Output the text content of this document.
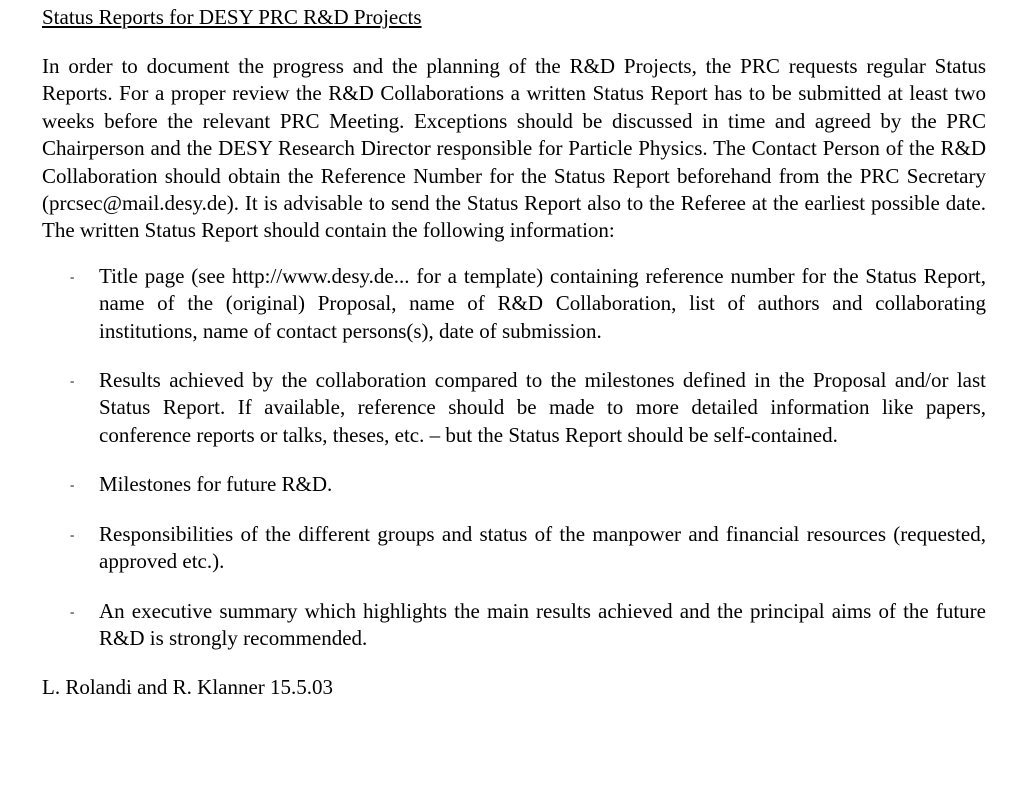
Status Reports for DESY PRC R&D Projects

In order to document the progress and the planning of the R&D Projects, the PRC requests regular Status Reports. For a proper review the R&D Collaborations a written Status Report has to be submitted at least two weeks before the relevant PRC Meeting. Exceptions should be discussed in time and agreed by the PRC Chairperson and the DESY Research Director responsible for Particle Physics. The Contact Person of the R&D Collaboration should obtain the Reference Number for the Status Report beforehand from the PRC Secretary (prcsec@mail.desy.de). It is advisable to send the Status Report also to the Referee at the earliest possible date. The written Status Report should contain the following information:

- Title page (see http://www.desy.de... for a template) containing reference number for the Status Report, name of the (original) Proposal, name of R&D Collaboration, list of authors and collaborating institutions, name of contact persons(s), date of submission.
- Results achieved by the collaboration compared to the milestones defined in the Proposal and/or last Status Report. If available, reference should be made to more detailed information like papers, conference reports or talks, theses, etc. – but the Status Report should be self-contained.
- Milestones for future R&D.
- Responsibilities of the different groups and status of the manpower and financial resources (requested, approved etc.).
- An executive summary which highlights the main results achieved and the principal aims of the future R&D is strongly recommended.
L. Rolandi and R. Klanner 15.5.03
